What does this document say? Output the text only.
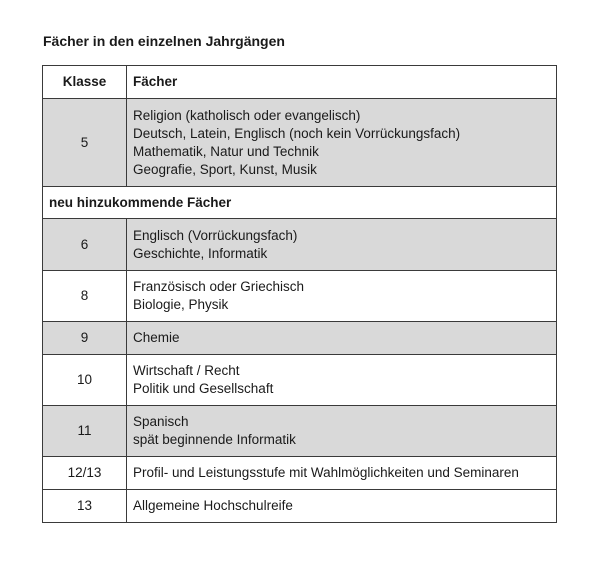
Fächer in den einzelnen Jahrgängen
Klasse	Fächer
5	Religion (katholisch oder evangelisch)
Deutsch, Latein, Englisch (noch kein Vorrückungsfach)
Mathematik, Natur und Technik
Geografie, Sport, Kunst, Musik

neu hinzukommende Fächer	
6	Englisch (Vorrückungsfach)
Geschichte, Informatik

8	Französisch oder Griechisch
Biologie, Physik

9	Chemie

10	Wirtschaft / Recht
Politik und Gesellschaft

11	Spanisch
spät beginnende Informatik

12/13	Profil- und Leistungsstufe mit Wahlmöglichkeiten und Seminaren

13	Allgemeine Hochschulreife
